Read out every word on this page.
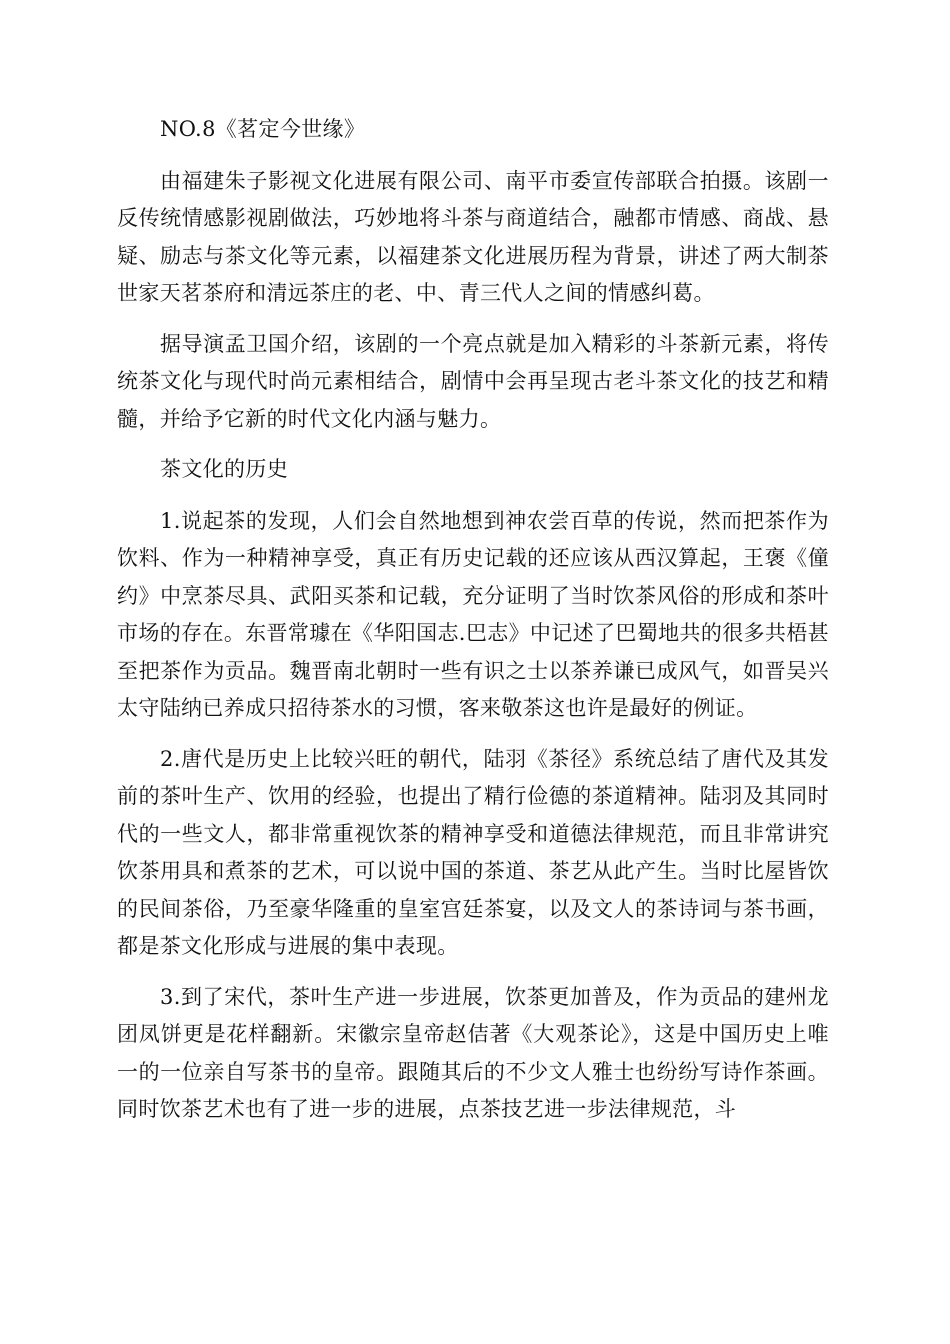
NO.8《茗定今世缘》

由福建朱子影视文化进展有限公司、南平市委宣传部联合拍摄。该剧一反传统情感影视剧做法，巧妙地将斗茶与商道结合，融都市情感、商战、悬疑、励志与茶文化等元素，以福建茶文化进展历程为背景，讲述了两大制茶世家天茗茶府和清远茶庄的老、中、青三代人之间的情感纠葛。

据导演孟卫国介绍，该剧的一个亮点就是加入精彩的斗茶新元素，将传统茶文化与现代时尚元素相结合，剧情中会再呈现古老斗茶文化的技艺和精髓，并给予它新的时代文化内涵与魅力。

茶文化的历史

1.说起茶的发现，人们会自然地想到神农尝百草的传说，然而把茶作为饮料、作为一种精神享受，真正有历史记载的还应该从西汉算起，王褒《僮约》中烹茶尽具、武阳买茶和记载，充分证明了当时饮茶风俗的形成和茶叶市场的存在。东晋常璩在《华阳国志.巴志》中记述了巴蜀地共的很多共梧甚至把茶作为贡品。魏晋南北朝时一些有识之士以茶养谦已成风气，如晋吴兴太守陆纳已养成只招待茶水的习惯，客来敬茶这也许是最好的例证。

2.唐代是历史上比较兴旺的朝代，陆羽《茶径》系统总结了唐代及其发前的茶叶生产、饮用的经验，也提出了精行俭德的茶道精神。陆羽及其同时代的一些文人，都非常重视饮茶的精神享受和道德法律规范，而且非常讲究饮茶用具和煮茶的艺术，可以说中国的茶道、茶艺从此产生。当时比屋皆饮的民间茶俗，乃至豪华隆重的皇室宫廷茶宴，以及文人的茶诗词与茶书画，都是茶文化形成与进展的集中表现。

3.到了宋代，茶叶生产进一步进展，饮茶更加普及，作为贡品的建州龙团凤饼更是花样翻新。宋徽宗皇帝赵佶著《大观茶论》，这是中国历史上唯一的一位亲自写茶书的皇帝。跟随其后的不少文人雅士也纷纷写诗作茶画。同时饮茶艺术也有了进一步的进展，点茶技艺进一步法律规范，斗
